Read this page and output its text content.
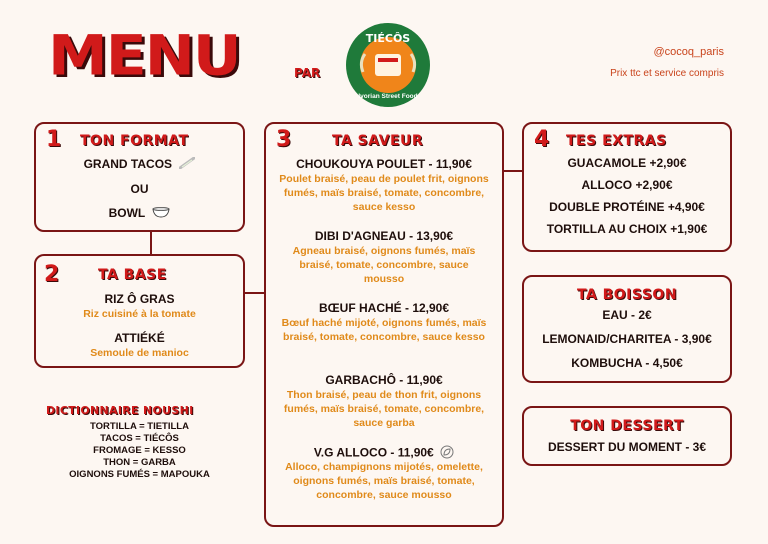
MENU	PAR
TIÉCÔS
Ivorian Street Food
@cocoq_paris
Prix ttc et service compris
1 TON FORMAT
GRAND TACOS
OU
BOWL
2	TA BASE
RIZ Ô GRAS
Riz cuisiné à la tomate
ATTIÉKÉ
Semoule de manioc
DICTIONNAIRE NOUSHI
TORTILLA = TIETILLA
TACOS = TIÉCÔS
FROMAGE = KESSO
THON = GARBA
OIGNONS FUMÉS = MAPOUKA
3	TA SAVEUR
CHOUKOUYA POULET - 11,90€
Poulet braisé, peau de poulet frit, oignons fumés, maïs braisé, tomate, concombre, sauce kesso
DIBI D'AGNEAU - 13,90€
Agneau braisé, oignons fumés, maïs braisé, tomate, concombre, sauce mousso
BŒUF HACHÉ - 12,90€
Bœuf haché mijoté, oignons fumés, maïs braisé, tomate, concombre, sauce kesso
GARBACHÔ - 11,90€
Thon braisé, peau de thon frit, oignons fumés, maïs braisé, tomate, concombre, sauce garba
V.G ALLOCO - 11,90€
Alloco, champignons mijotés, omelette, oignons fumés, maïs braisé, tomate, concombre, sauce mousso
4 TES EXTRAS
GUACAMOLE +2,90€
ALLOCO +2,90€
DOUBLE PROTÉINE +4,90€
TORTILLA AU CHOIX +1,90€
TA BOISSON
EAU - 2€
LEMONAID/CHARITEA - 3,90€
KOMBUCHA - 4,50€
TON DESSERT
DESSERT DU MOMENT - 3€
